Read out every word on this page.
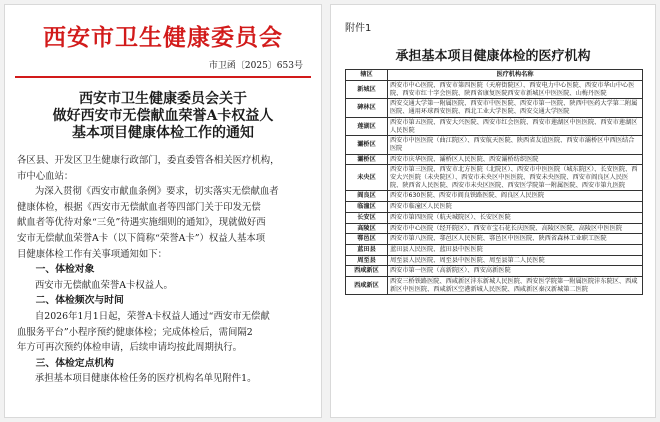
西安市卫生健康委员会
市卫函〔2025〕653号
西安市卫生健康委员会关于
做好西安市无偿献血荣誉A卡权益人
基本项目健康体检工作的通知

各区县、开发区卫生健康行政部门，委直委管各相关医疗机构，

市中心血站：

为深入贯彻《西安市献血条例》要求，切实落实无偿献血者

健康体检，根据《西安市无偿献血者等四部门关于印发无偿

献血者等优待对象“三免”待遇实施细则的通知》，现就做好西

安市无偿献血荣誉A卡（以下简称“荣誉A卡”）权益人基本项

目健康体检工作有关事项通知如下：

一、体检对象

西安市无偿献血荣誉A卡权益人。

二、体检频次与时间

自2026年1月1日起，荣誉A卡权益人通过“西安市无偿献

血服务平台”小程序预约健康体检；完成体检后，需间隔2

年方可再次预约体检申请，后续申请均按此周期执行。

三、体检定点机构

承担基本项目健康体检任务的医疗机构名单见附件1。

附件1
承担基本项目健康体检的医疗机构
辖区	医疗机构名称
新城区	西安市中心医院、西安市第四医院（天府街院区）、西安电力中心医院、西安市华山中心医院、西安市红十字会医院、陕西省康复医院西安市新城区中医医院、山梅丹医院
碑林区	西安交通大学第一附属医院、西安市中医医院、西安市第一医院、陕西中医药大学第二附属医院、通用环球西安医院、西北工业大学医院、西安交通大学医院
莲湖区	西安市第五医院、西安大兴医院、西安市红会医院、西安市莲湖区中医医院、西安市莲湖区人民医院
灞桥区	西安市中医医院（曲江院区）、西安航天医院、陕西省友谊医院、西安市灞桥区中西医结合医院
灞桥区	西安市庆华医院、灞桥区人民医院、西安灞桥纺织医院
未央区	西安市第三医院、西安市北方医院（北院区）、西安市中医医院（城东院区）、长安医院、西安大兴医院（未央院区）、西安市未央区中医医院、西安未央医院、西安市阎良区人民医院、陕西省人民医院、西安市未央区医院、西安医学院第一附属医院、西安市第九医院
阎良区	西安市630医院、西安市阎良铁路医院、阎良区人民医院
临潼区	西安市临潼区人民医院
长安区	西安市第四医院（航天城院区）、长安区医院
高陵区	西安市中心医院（经开院区）、西安市宝石花长庆医院、高陵区医院、高陵区中医医院
鄠邑区	西安市第八医院、鄠邑区人民医院、鄠邑区中医医院、陕西省森林工业职工医院
蓝田县	蓝田县人民医院、蓝田县中医医院
周至县	周至县人民医院、周至县中医医院、周至县第二人民医院
西咸新区	西安市第一医院（高新院区）、西安高新医院
西咸新区	西安三桥铁路医院、西咸新区沣东新城人民医院、西安医学院第一附属医院沣东院区、西咸新区中医医院、西咸新区空港新城人民医院、西咸新区秦汉新城第二医院
